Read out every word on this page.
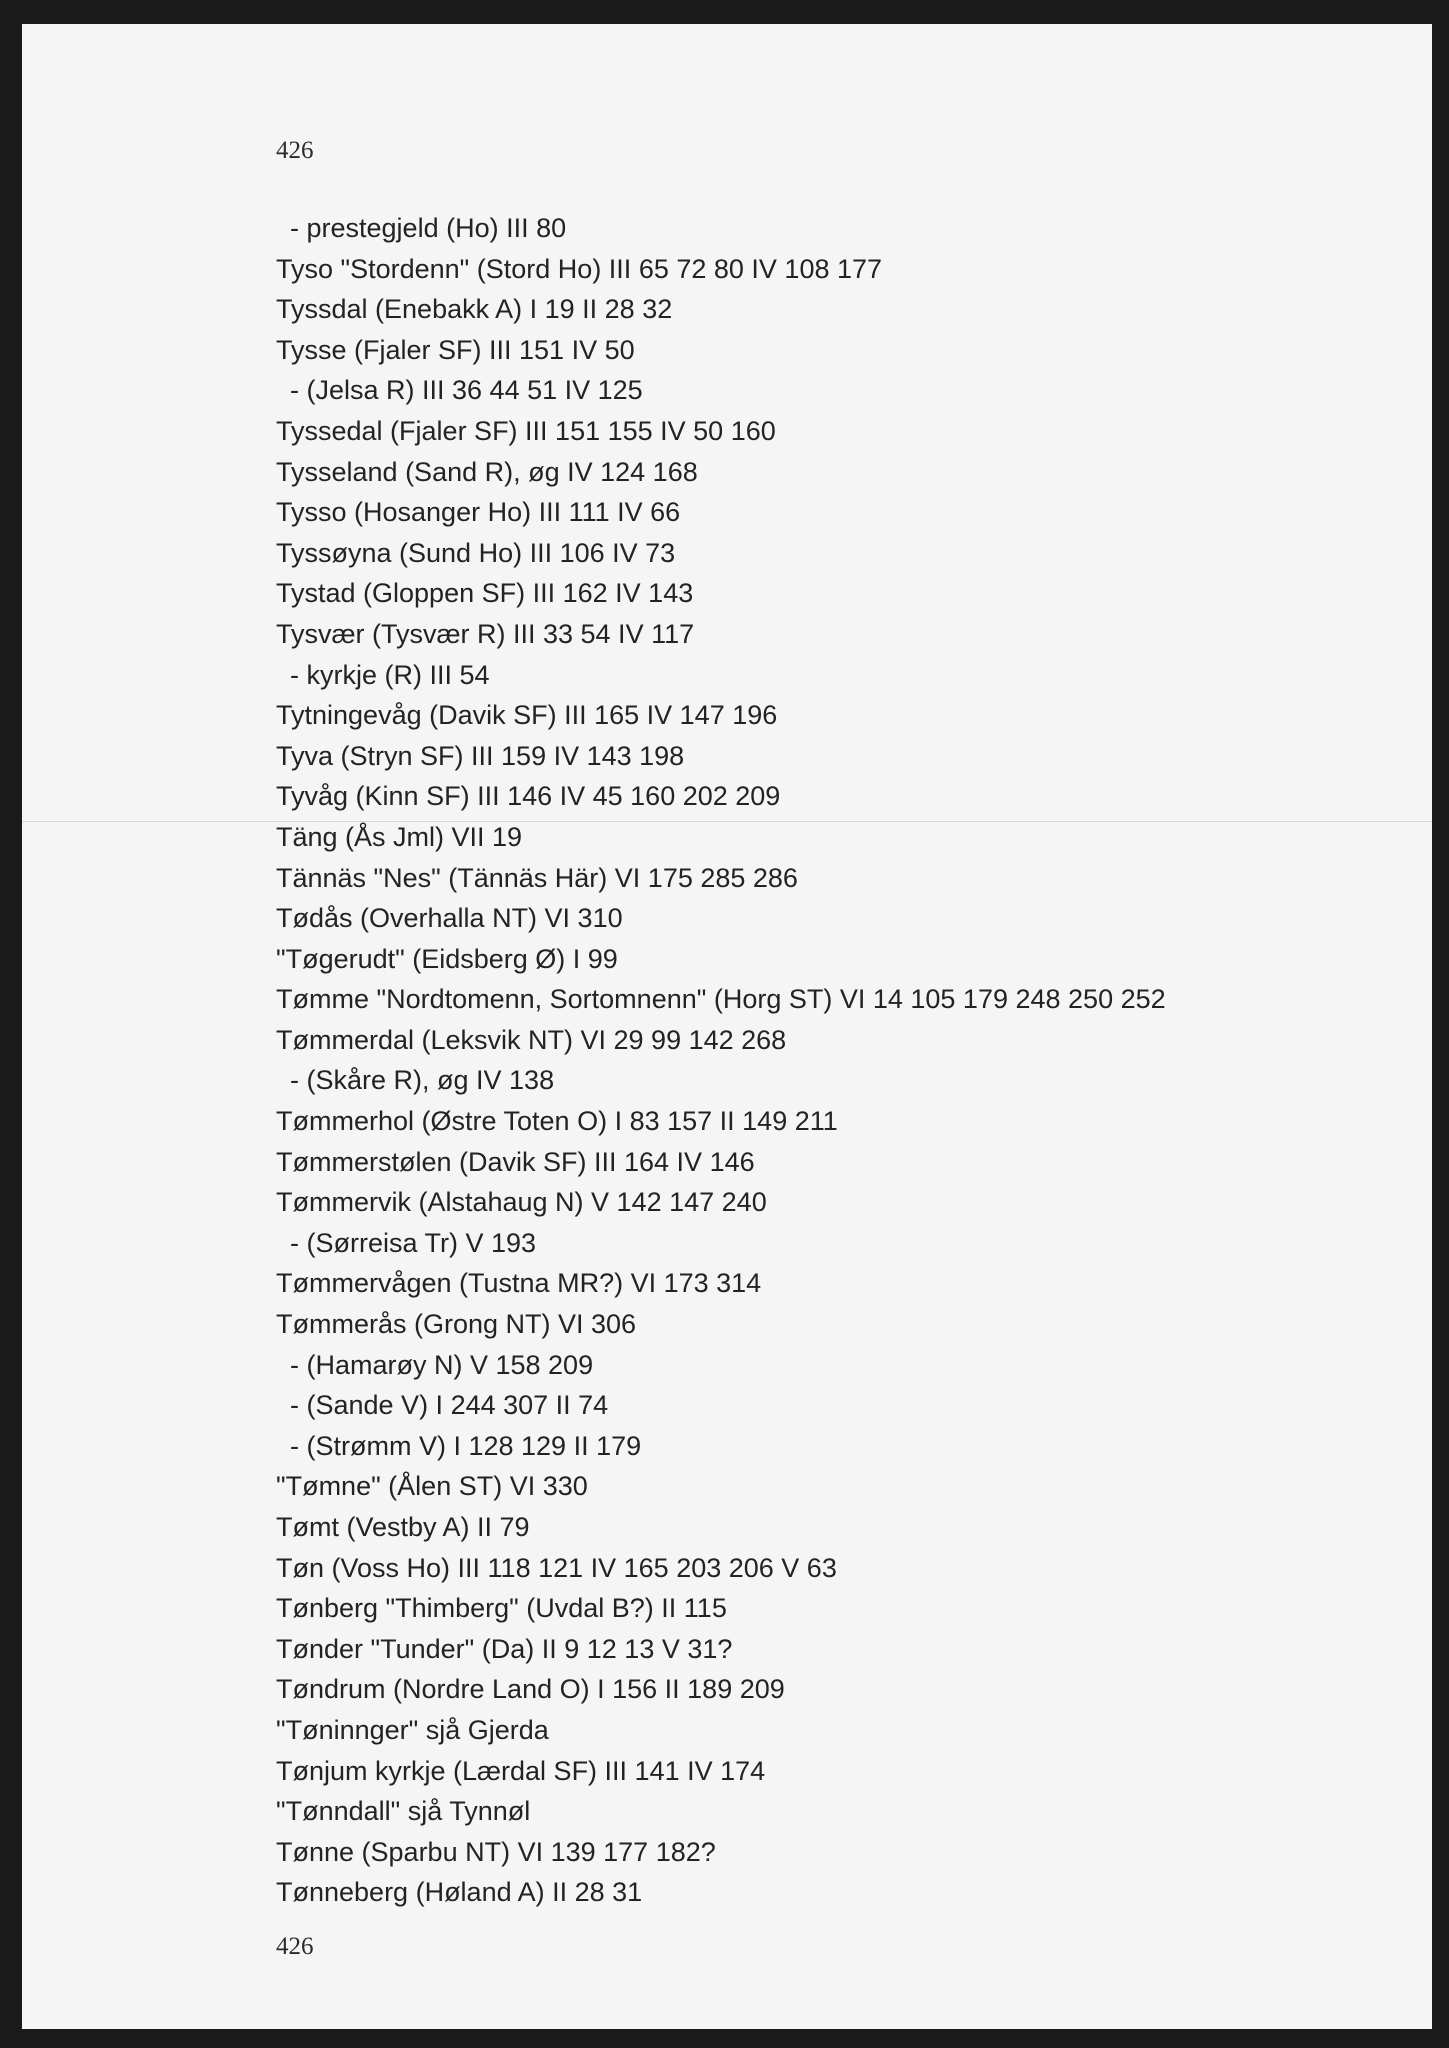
426
- prestegjeld (Ho) III 80
Tyso "Stordenn" (Stord Ho) III 65 72 80 IV 108 177
Tyssdal (Enebakk A) I 19 II 28 32
Tysse (Fjaler SF) III 151 IV 50
- (Jelsa R) III 36 44 51 IV 125
Tyssedal (Fjaler SF) III 151 155 IV 50 160
Tysseland (Sand R), øg IV 124 168
Tysso (Hosanger Ho) III 111 IV 66
Tyssøyna (Sund Ho) III 106 IV 73
Tystad (Gloppen SF) III 162 IV 143
Tysvær (Tysvær R) III 33 54 IV 117
- kyrkje (R) III 54
Tytningevåg (Davik SF) III 165 IV 147 196
Tyva (Stryn SF) III 159 IV 143 198
Tyvåg (Kinn SF) III 146 IV 45 160 202 209
Täng (Ås Jml) VII 19
Tännäs "Nes" (Tännäs Här) VI 175 285 286
Tødås (Overhalla NT) VI 310
"Tøgerudt" (Eidsberg Ø) I 99
Tømme "Nordtomenn, Sortomnenn" (Horg ST) VI 14 105 179 248 250 252
Tømmerdal (Leksvik NT) VI 29 99 142 268
- (Skåre R), øg IV 138
Tømmerhol (Østre Toten O) I 83 157 II 149 211
Tømmerstølen (Davik SF) III 164 IV 146
Tømmervik (Alstahaug N) V 142 147 240
- (Sørreisa Tr) V 193
Tømmervågen (Tustna MR?) VI 173 314
Tømmerås (Grong NT) VI 306
- (Hamarøy N) V 158 209
- (Sande V) I 244 307 II 74
- (Strømm V) I 128 129 II 179
"Tømne" (Ålen ST) VI 330
Tømt (Vestby A) II 79
Tøn (Voss Ho) III 118 121 IV 165 203 206 V 63
Tønberg "Thimberg" (Uvdal B?) II 115
Tønder "Tunder" (Da) II 9 12 13 V 31?
Tøndrum (Nordre Land O) I 156 II 189 209
"Tøninnger" sjå Gjerda
Tønjum kyrkje (Lærdal SF) III 141 IV 174
"Tønndall" sjå Tynnøl
Tønne (Sparbu NT) VI 139 177 182?
Tønneberg (Høland A) II 28 31
426
